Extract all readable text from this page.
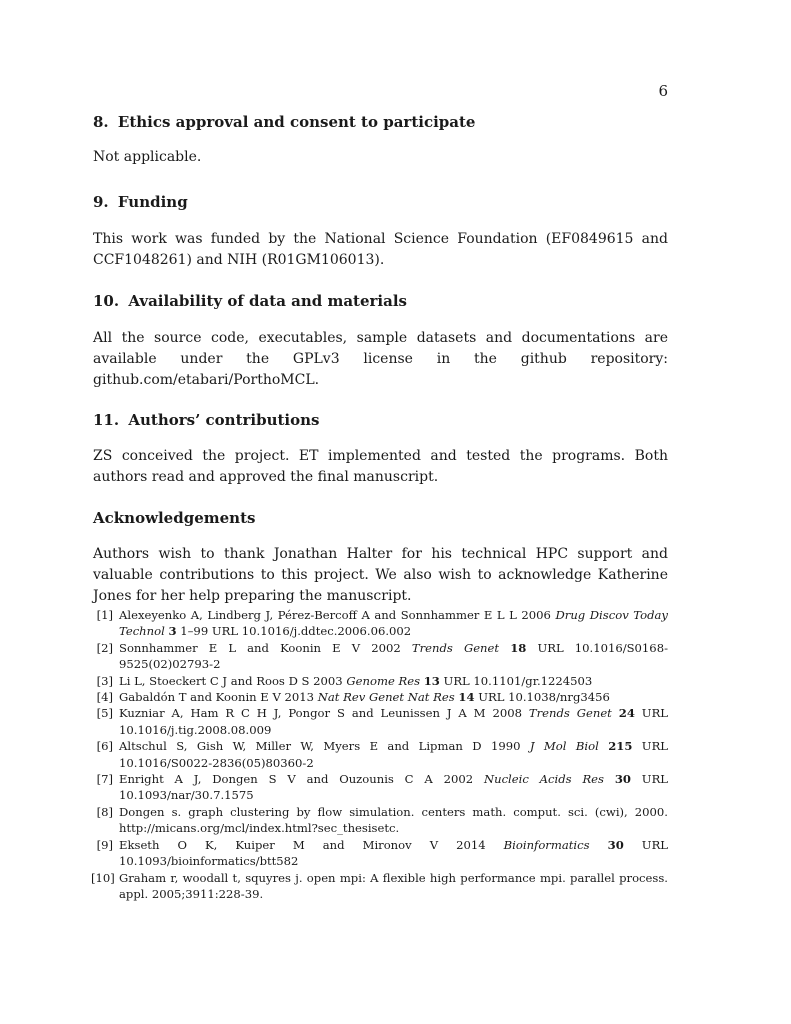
6
8. Ethics approval and consent to participate

Not applicable.

9. Funding

This work was funded by the National Science Foundation (EF0849615 and CCF1048261) and NIH (R01GM106013).

10. Availability of data and materials

All the source code, executables, sample datasets and documentations are available under the GPLv3 license in the github repository: github.com/etabari/PorthoMCL.

11. Authors’ contributions

ZS conceived the project. ET implemented and tested the programs. Both authors read and approved the final manuscript.

Acknowledgements

Authors wish to thank Jonathan Halter for his technical HPC support and valuable contributions to this project. We also wish to acknowledge Katherine Jones for her help preparing the manuscript.

[1] Alexeyenko A, Lindberg J, Pérez-Bercoff A and Sonnhammer E L L 2006 Drug Discov Today Technol 3 1–99 URL 10.1016/j.ddtec.2006.06.002
[2] Sonnhammer E L and Koonin E V 2002 Trends Genet 18 URL 10.1016/S0168-9525(02)02793-2
[3] Li L, Stoeckert C J and Roos D S 2003 Genome Res 13 URL 10.1101/gr.1224503
[4] Gabaldón T and Koonin E V 2013 Nat Rev Genet Nat Res 14 URL 10.1038/nrg3456
[5] Kuzniar A, Ham R C H J, Pongor S and Leunissen J A M 2008 Trends Genet 24 URL 10.1016/j.tig.2008.08.009
[6] Altschul S, Gish W, Miller W, Myers E and Lipman D 1990 J Mol Biol 215 URL 10.1016/S0022-2836(05)80360-2
[7] Enright A J, Dongen S V and Ouzounis C A 2002 Nucleic Acids Res 30 URL 10.1093/nar/30.7.1575
[8] Dongen s. graph clustering by flow simulation. centers math. comput. sci. (cwi), 2000. http://micans.org/mcl/index.html?sec_thesisetc.
[9] Ekseth O K, Kuiper M and Mironov V 2014 Bioinformatics 30 URL 10.1093/bioinformatics/btt582
[10] Graham r, woodall t, squyres j. open mpi: A flexible high performance mpi. parallel process. appl. 2005;3911:228-39.
